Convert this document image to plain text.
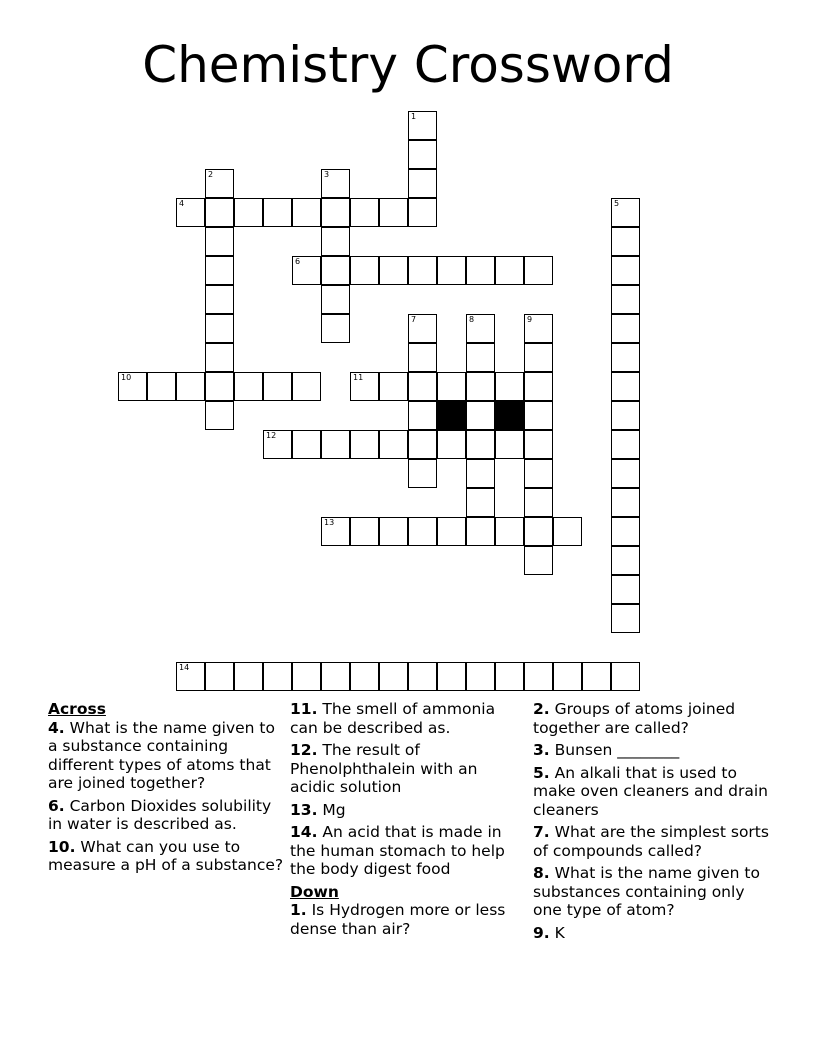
Chemistry Crossword
1
2	3
4	5
6
7	8	9
10	11
12
13
14
Across
4. What is the name given to a substance containing different types of atoms that are joined together?
6. Carbon Dioxides solubility in water is described as.
10. What can you use to measure a pH of a substance?
11. The smell of ammonia can be described as.
12. The result of Phenolphthalein with an acidic solution
13. Mg
14. An acid that is made in the human stomach to help the body digest food
Down
1. Is Hydrogen more or less dense than air?
2. Groups of atoms joined together are called?
3. Bunsen ________
5. An alkali that is used to make oven cleaners and drain cleaners
7. What are the simplest sorts of compounds called?
8. What is the name given to substances containing only one type of atom?
9. K
